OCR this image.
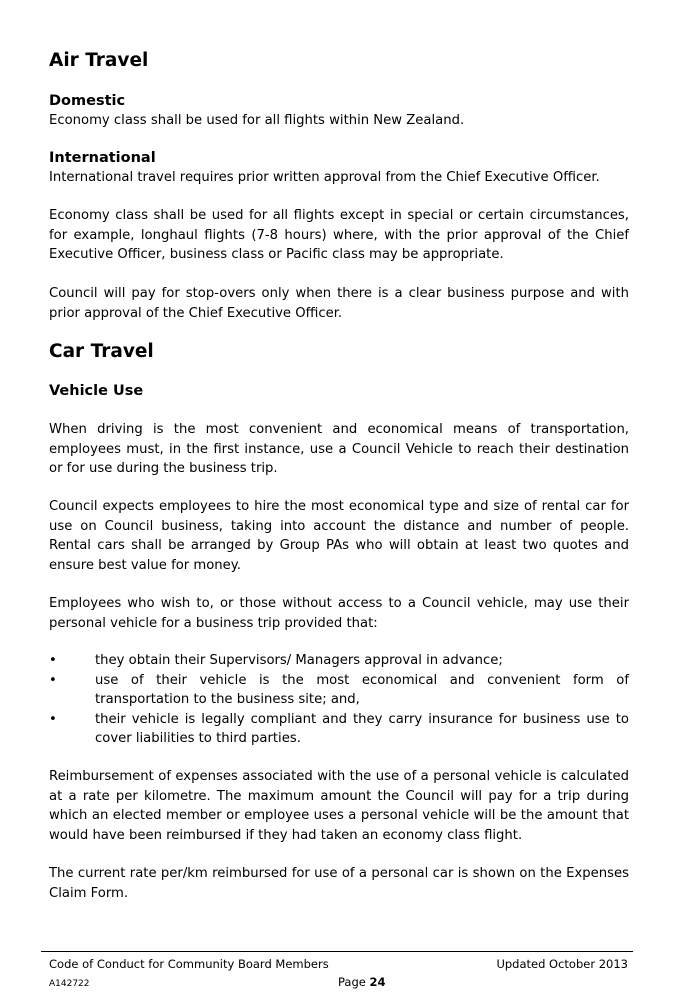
Air Travel
Domestic

Economy class shall be used for all flights within New Zealand.

International

International travel requires prior written approval from the Chief Executive Officer.

Economy class shall be used for all flights except in special or certain circumstances, for example, longhaul flights (7-8 hours) where, with the prior approval of the Chief Executive Officer, business class or Pacific class may be appropriate.

Council will pay for stop-overs only when there is a clear business purpose and with prior approval of the Chief Executive Officer.

Car Travel
Vehicle Use

When driving is the most convenient and economical means of transportation, employees must, in the first instance, use a Council Vehicle to reach their destination or for use during the business trip.

Council expects employees to hire the most economical type and size of rental car for use on Council business, taking into account the distance and number of people. Rental cars shall be arranged by Group PAs who will obtain at least two quotes and ensure best value for money.

Employees who wish to, or those without access to a Council vehicle, may use their personal vehicle for a business trip provided that:

•	they obtain their Supervisors/ Managers approval in advance;
•	use of their vehicle is the most economical and convenient form of transportation to the business site; and,
•	their vehicle is legally compliant and they carry insurance for business use to cover liabilities to third parties.

Reimbursement of expenses associated with the use of a personal vehicle is calculated at a rate per kilometre. The maximum amount the Council will pay for a trip during which an elected member or employee uses a personal vehicle will be the amount that would have been reimbursed if they had taken an economy class flight.

The current rate per/km reimbursed for use of a personal car is shown on the Expenses Claim Form.

Code of Conduct for Community Board Members	Updated October 2013
A142722	Page 24
